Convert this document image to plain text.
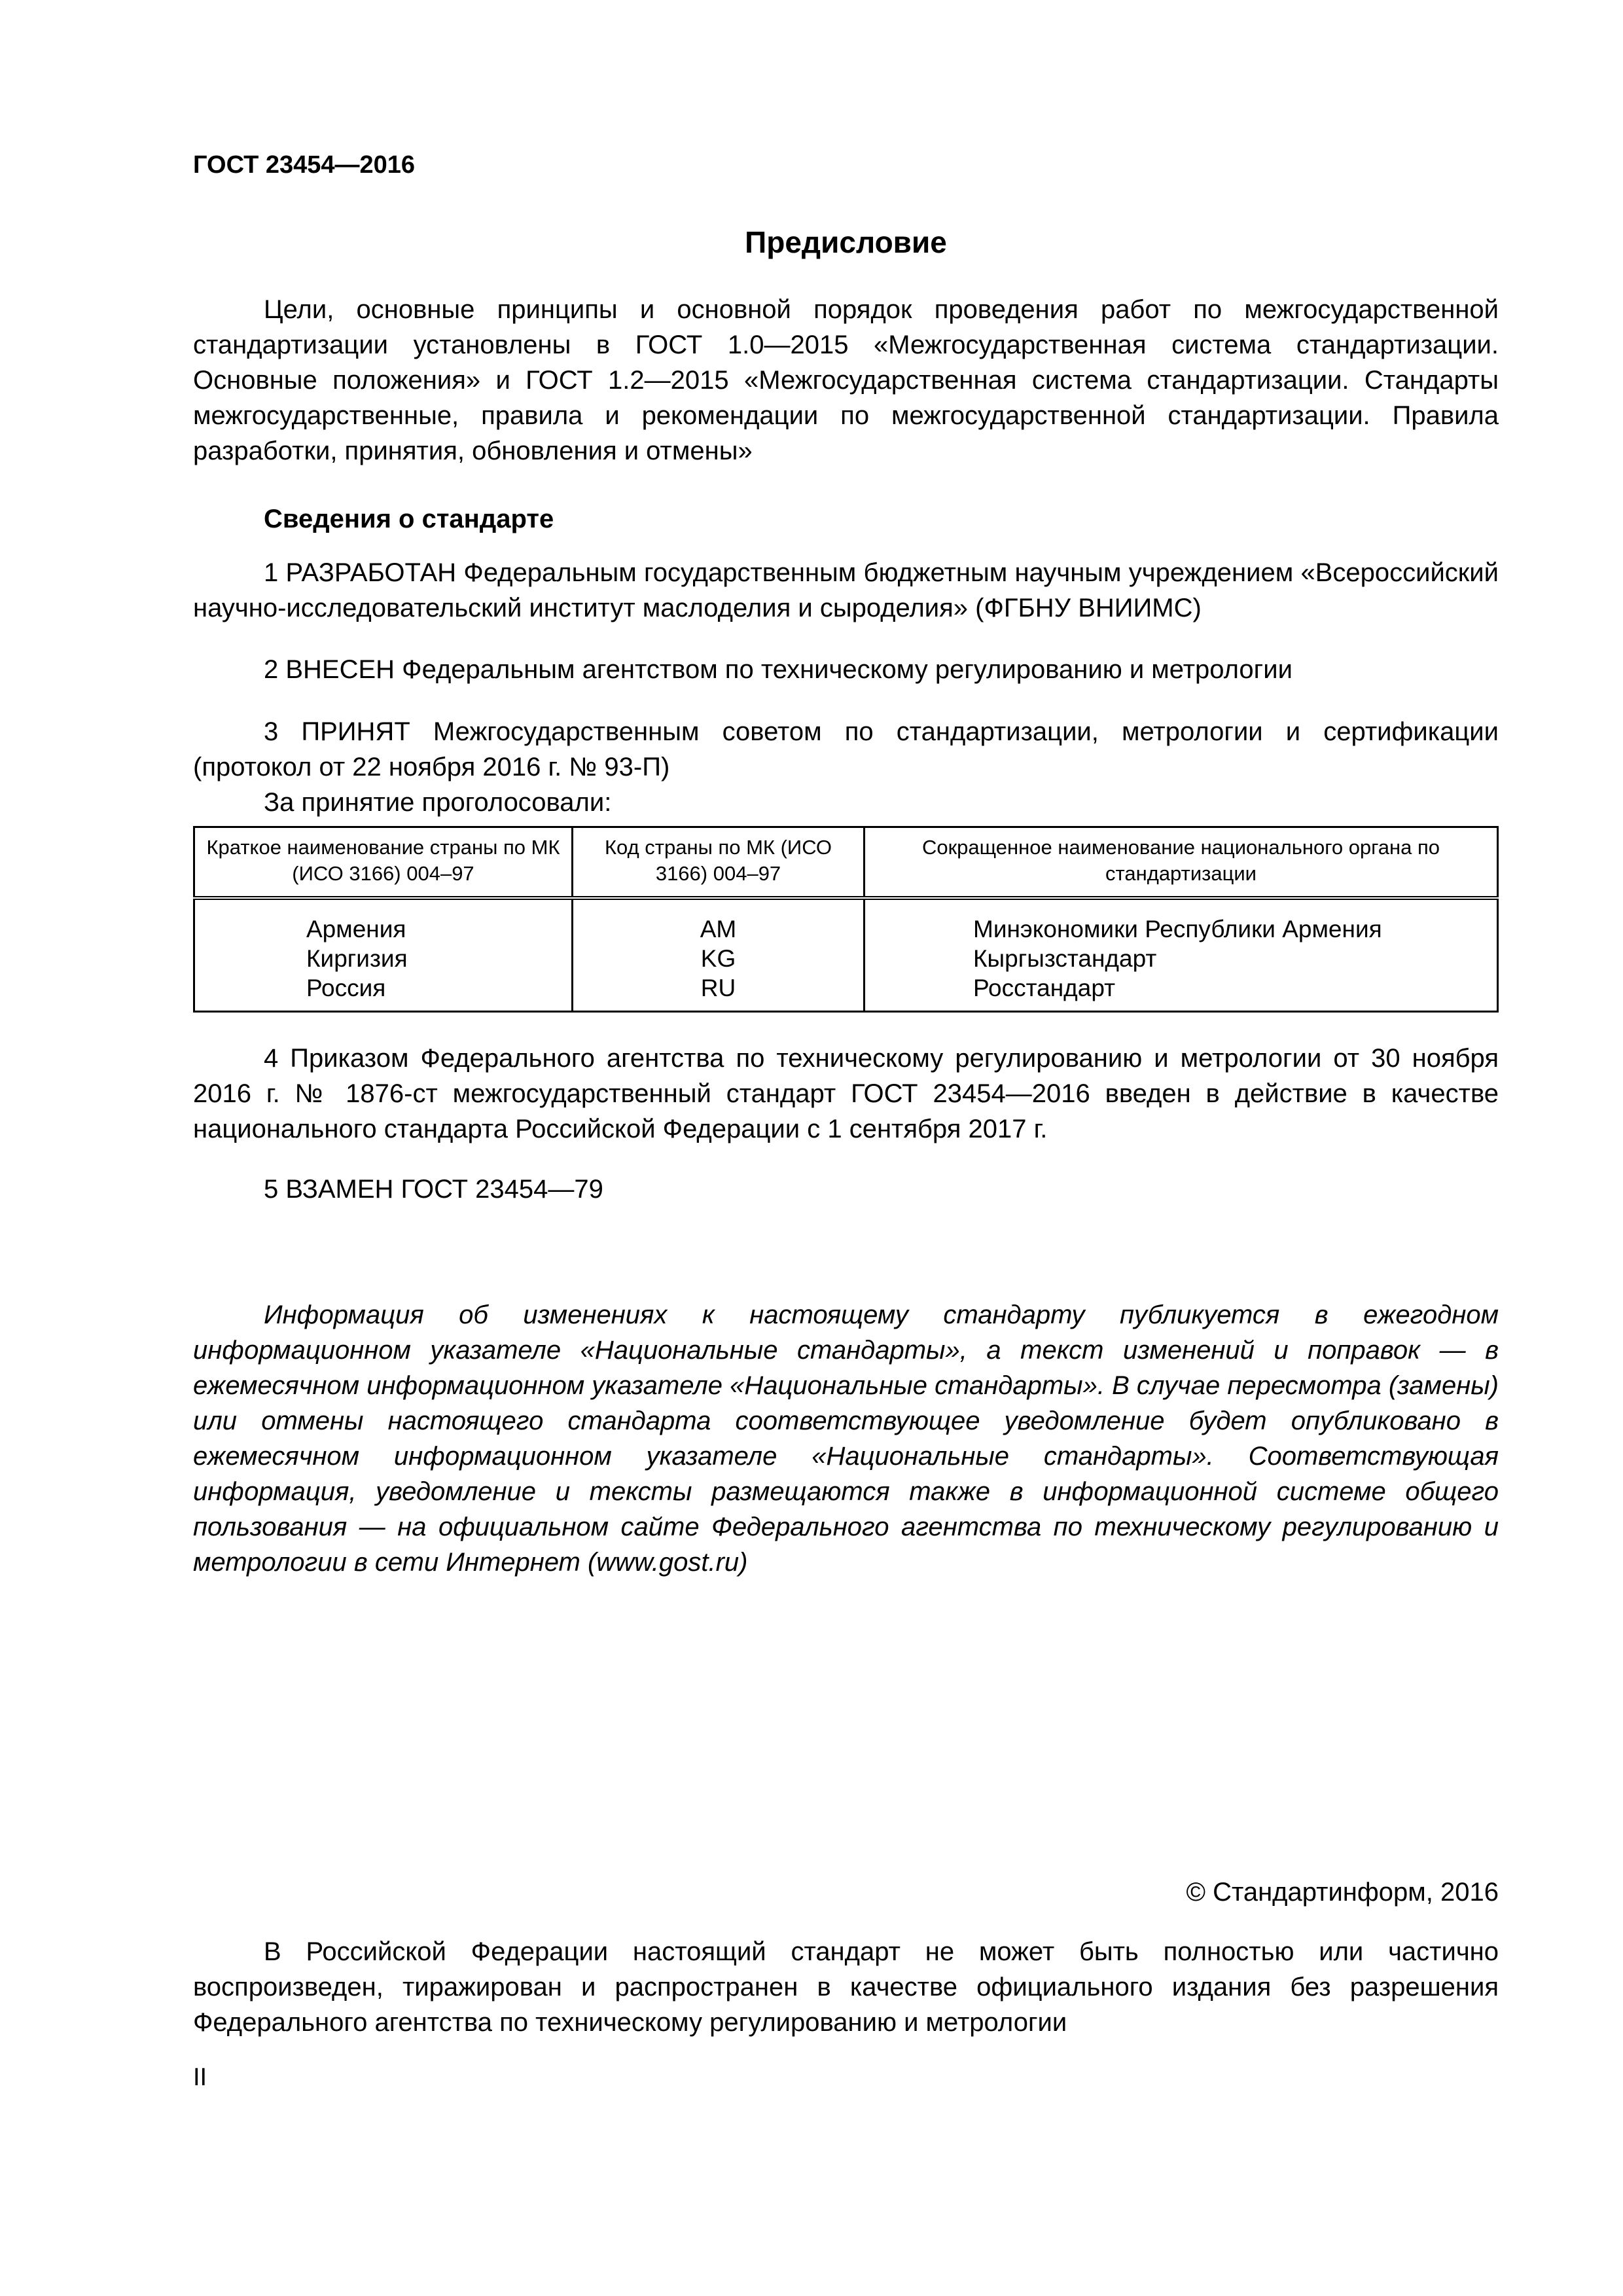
ГОСТ 23454—2016
Предисловие

Цели, основные принципы и основной порядок проведения работ по межгосударственной стандартизации установлены в ГОСТ 1.0—2015 «Межгосударственная система стандартизации. Основные положения» и ГОСТ 1.2—2015 «Межгосударственная система стандартизации. Стандарты межгосударственные, правила и рекомендации по межгосударственной стандартизации. Правила разработки, принятия, обновления и отмены»

Сведения о стандарте

1 РАЗРАБОТАН Федеральным государственным бюджетным научным учреждением «Всероссийский научно-исследовательский институт маслоделия и сыроделия» (ФГБНУ ВНИИМС)

2 ВНЕСЕН Федеральным агентством по техническому регулированию и метрологии

3 ПРИНЯТ Межгосударственным советом по стандартизации, метрологии и сертификации (протокол от 22 ноября 2016 г. № 93-П)

За принятие проголосовали:

Краткое наименование страны по МК (ИСО 3166) 004–97	Код страны по МК (ИСО 3166) 004–97	Сокращенное наименование национального органа по стандартизации
Армения	AM	Минэкономики Республики Армения
Киргизия	KG	Кыргызстандарт
Россия	RU	Росстандарт

4 Приказом Федерального агентства по техническому регулированию и метрологии от 30 ноября 2016 г. № 1876-ст межгосударственный стандарт ГОСТ 23454—2016 введен в действие в качестве национального стандарта Российской Федерации с 1 сентября 2017 г.

5 ВЗАМЕН ГОСТ 23454—79

Информация об изменениях к настоящему стандарту публикуется в ежегодном информационном указателе «Национальные стандарты», а текст изменений и поправок — в ежемесячном информационном указателе «Национальные стандарты». В случае пересмотра (замены) или отмены настоящего стандарта соответствующее уведомление будет опубликовано в ежемесячном информационном указателе «Национальные стандарты». Соответствующая информация, уведомление и тексты размещаются также в информационной системе общего пользования — на официальном сайте Федерального агентства по техническому регулированию и метрологии в сети Интернет (www.gost.ru)

© Стандартинформ, 2016

В Российской Федерации настоящий стандарт не может быть полностью или частично воспроизведен, тиражирован и распространен в качестве официального издания без разрешения Федерального агентства по техническому регулированию и метрологии

II
